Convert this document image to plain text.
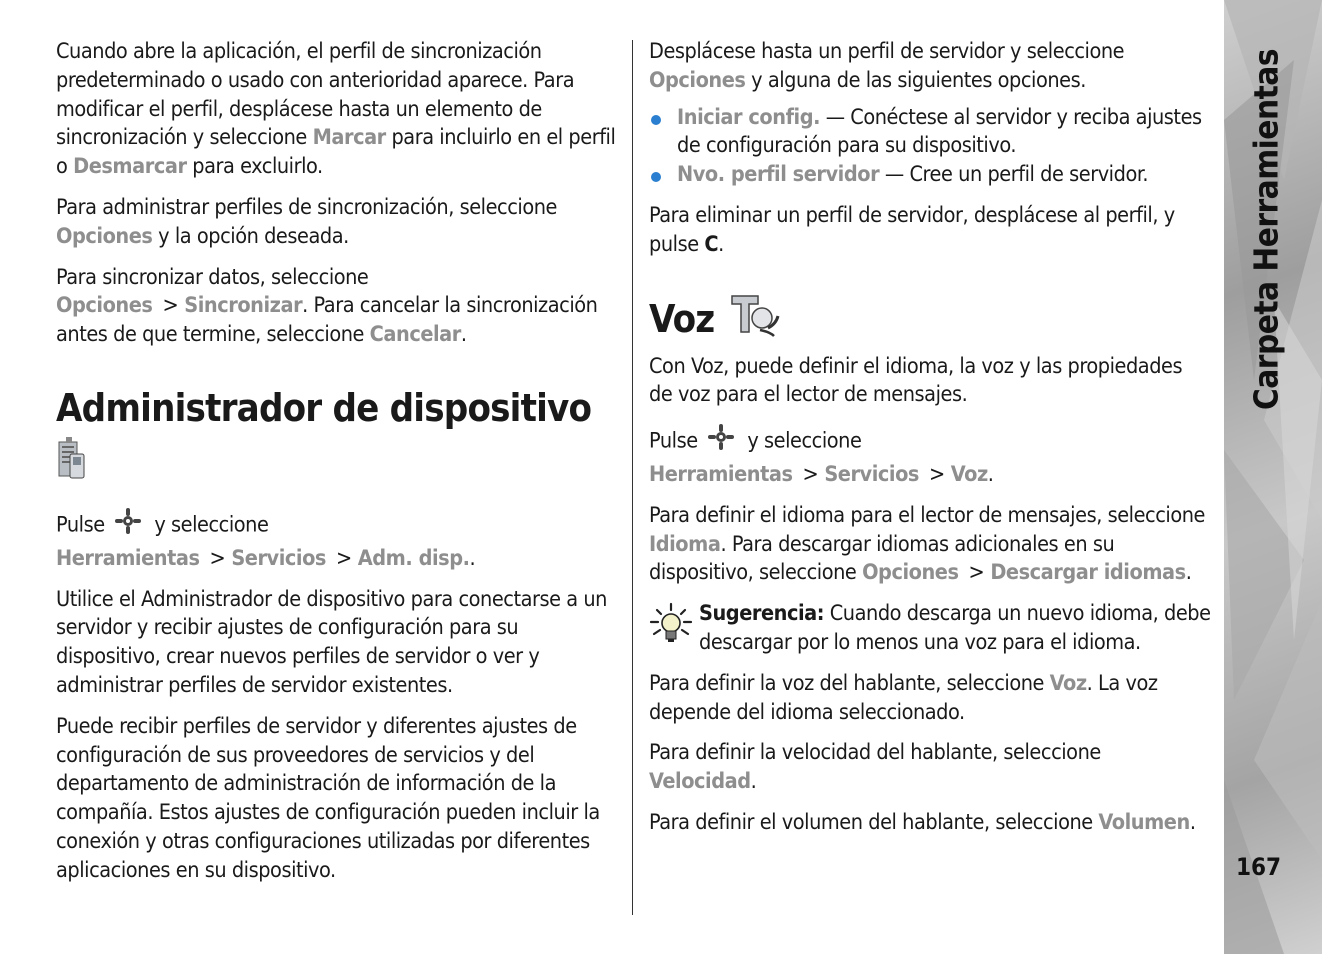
Cuando abre la aplicación, el perfil de sincronización predeterminado o usado con anterioridad aparece. Para modificar el perfil, desplácese hasta un elemento de sincronización y seleccione Marcar para incluirlo en el perfil o Desmarcar para excluirlo.

Para administrar perfiles de sincronización, seleccione Opciones y la opción deseada.

Para sincronizar datos, seleccione Opciones > Sincronizar. Para cancelar la sincronización antes de que termine, seleccione Cancelar.

Administrador de dispositivo

Pulse y seleccione Herramientas > Servicios > Adm. disp..

Utilice el Administrador de dispositivo para conectarse a un servidor y recibir ajustes de configuración para su dispositivo, crear nuevos perfiles de servidor o ver y administrar perfiles de servidor existentes.

Puede recibir perfiles de servidor y diferentes ajustes de configuración de sus proveedores de servicios y del departamento de administración de información de la compañía. Estos ajustes de configuración pueden incluir la conexión y otras configuraciones utilizadas por diferentes aplicaciones en su dispositivo.

Desplácese hasta un perfil de servidor y seleccione Opciones y alguna de las siguientes opciones.

Iniciar config. — Conéctese al servidor y reciba ajustes de configuración para su dispositivo.
Nvo. perfil servidor — Cree un perfil de servidor.

Para eliminar un perfil de servidor, desplácese al perfil, y pulse C.

Voz

Con Voz, puede definir el idioma, la voz y las propiedades de voz para el lector de mensajes.

Pulse y seleccione Herramientas > Servicios > Voz.

Para definir el idioma para el lector de mensajes, seleccione Idioma. Para descargar idiomas adicionales en su dispositivo, seleccione Opciones > Descargar idiomas.

Sugerencia: Cuando descarga un nuevo idioma, debe descargar por lo menos una voz para el idioma.

Para definir la voz del hablante, seleccione Voz. La voz depende del idioma seleccionado.

Para definir la velocidad del hablante, seleccione Velocidad.

Para definir el volumen del hablante, seleccione Volumen.

Carpeta Herramientas
167
